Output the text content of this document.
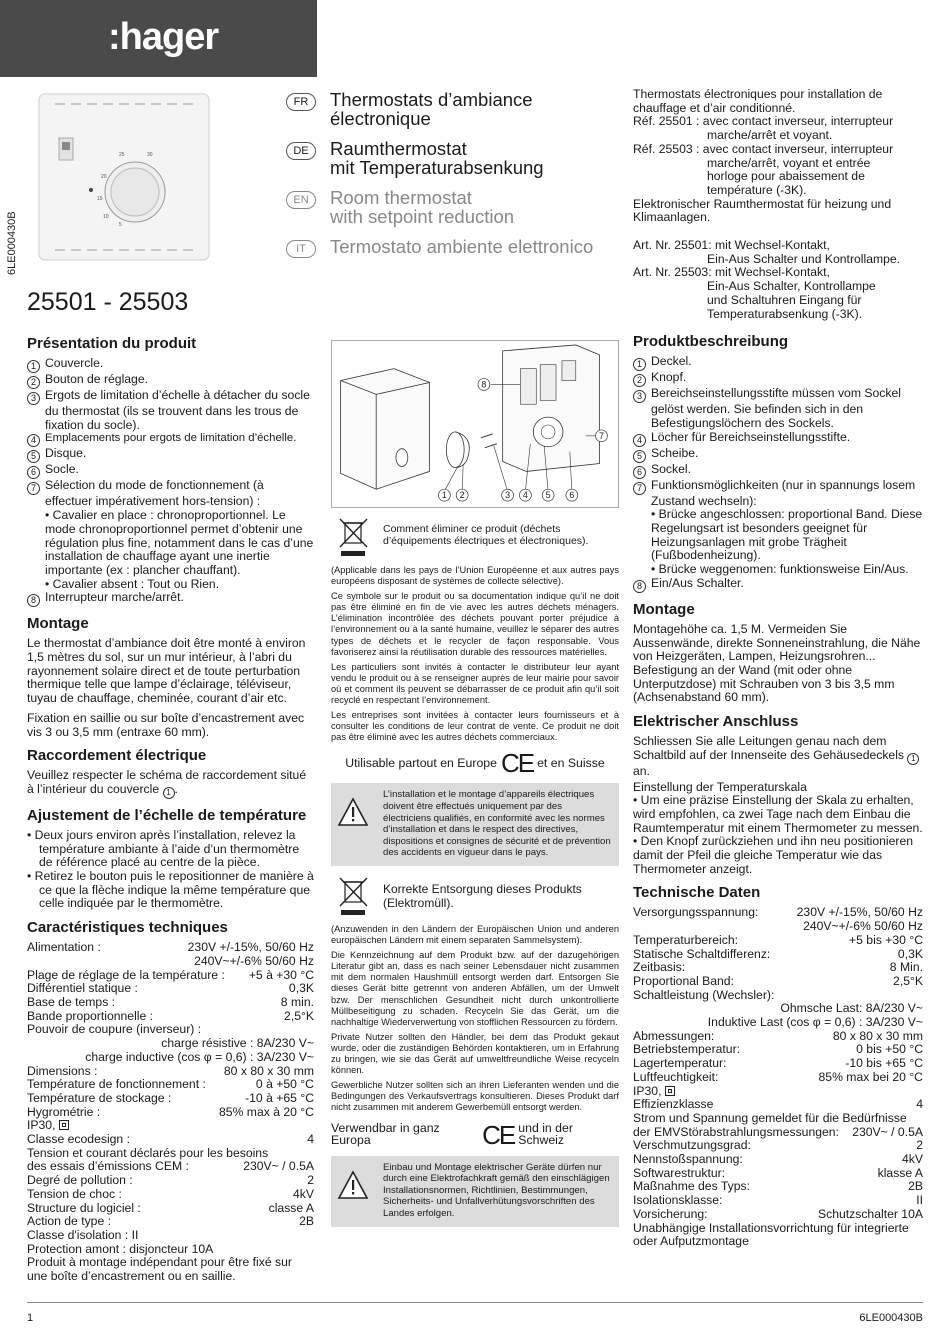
:hager
6LE000430B
20
25	30
15
10
5
25501 - 25503
FR	Thermostats d’ambiance
électronique
DE	Raumthermostat
mit Temperaturabsenkung
EN	Room thermostat
with setpoint reduction
IT	Termostato ambiente elettronico
Présentation du produit
1 Couvercle.
2 Bouton de réglage.
3 Ergots de limitation d’échelle à détacher du socle du thermostat (ils se trouvent dans les trous de fixation du socle).
4 Emplacements pour ergots de limitation d’échelle.
5 Disque.
6 Socle.
7 Sélection du mode de fonctionnement (à effectuer impérativement hors-tension) :
• Cavalier en place : chronoproportionnel. Le mode chronoproportionnel permet d’obtenir une régulation plus fine, notamment dans le cas d’une installation de chauffage ayant une inertie importante (ex : plancher chauffant).
• Cavalier absent : Tout ou Rien.
8 Interrupteur marche/arrêt.
Montage

Le thermostat d’ambiance doit être monté à environ 1,5 mètres du sol, sur un mur intérieur, à l’abri du rayonnement solaire direct et de toute perturbation thermique telle que lampe d’éclairage, téléviseur, tuyau de chauffage, cheminée, courant d’air etc.

Fixation en saillie ou sur boîte d’encastrement avec vis 3 ou 3,5 mm (entraxe 60 mm).

Raccordement électrique

Veuillez respecter le schéma de raccordement situé à l’intérieur du couvercle 1 .

Ajustement de l’échelle de température
• Deux jours environ après l’installation, relevez la température ambiante à l’aide d’un thermomètre de référence placé au centre de la pièce.
• Retirez le bouton puis le repositionner de manière à ce que la flèche indique la même température que celle indiquée par le thermomètre.
Caractéristiques techniques
Alimentation :	230V +/-15%, 50/60 Hz
240V~+/-6% 50/60 Hz
Plage de réglage de la température : +5 à +30 °C
Différentiel statique :	0,3K
Base de temps :	8 min.
Bande proportionnelle :	2,5°K
Pouvoir de coupure (inverseur) :
charge résistive : 8A/230 V~
charge inductive (cos φ = 0,6) : 3A/230 V~
Dimensions :	80 x 80 x 30 mm
Température de fonctionnement :	0 à +50 °C
Température de stockage :	-10 à +65 °C
Hygrométrie :	85% max à 20 °C
IP30,
Classe ecodesign :	4
Tension et courant déclarés pour les besoins
des essais d’émissions CEM :	230V~ / 0.5A
Degré de pollution :	2
Tension de choc :	4kV
Structure du logiciel :	classe A
Action de type :	2B
Classe d'isolation : II
Protection amont : disjoncteur 10A
Produit à montage indépendant pour être fixé sur une boîte d’encastrement ou en saillie.
8
1 2	3 4 5 6
7
Comment éliminer ce produit (déchets d’équipements électriques et électroniques).

(Applicable dans les pays de l’Union Européenne et aux autres pays européens disposant de systèmes de collecte sélective).

Ce symbole sur le produit ou sa documentation indique qu’il ne doit pas être éliminé en fin de vie avec les autres déchets ménagers. L’élimination incontrôlée des déchets pouvant porter préjudice à l’environnement ou à la santé humaine, veuillez le séparer des autres types de déchets et le recycler de façon responsable. Vous favoriserez ainsi la réutilisation durable des ressources matérielles.

Les particuliers sont invités à contacter le distributeur leur ayant vendu le produit ou à se renseigner auprès de leur mairie pour savoir où et comment ils peuvent se débarrasser de ce produit afin qu’il soit recyclé en respectant l’environnement.

Les entreprises sont invitées à contacter leurs fournisseurs et à consulter les conditions de leur contrat de vente. Ce produit ne doit pas être éliminé avec les autres déchets commerciaux.

Utilisable partout en Europe CE et en Suisse
L’installation et le montage d’appareils électriques doivent être effectués uniquement par des électriciens qualifiés, en conformité avec les normes d’installation et dans le respect des directives, dispositions et consignes de sécurité et de prévention des accidents en vigueur dans le pays.
Korrekte Entsorgung dieses Produkts (Elektromüll).

(Anzuwenden in den Ländern der Europäischen Union und anderen europäischen Ländern mit einem separaten Sammelsystem).

Die Kennzeichnung auf dem Produkt bzw. auf der dazugehörigen Literatur gibt an, dass es nach seiner Lebensdauer nicht zusammen mit dem normalen Haushmüll entsorgt werden darf. Entsorgen Sie dieses Gerät bitte getrennt von anderen Abfällen, um der Umwelt bzw. Der menschlichen Gesundheit nicht durch unkontrollierte Müllbeseitigung zu schaden. Recyceln Sie das Gerät, um die nachhaltige Wiederverwertung von stofflichen Ressourcen zu fördern.

Private Nutzer sollten den Händler, bei dem das Produkt gekaut wurde, oder die zuständigen Behörden kontaktieren, um in Erfahrung zu bringen, wie sie das Gerät auf umweltfreundliche Weise recyceln können.

Gewerbliche Nutzer sollten sich an ihren Lieferanten wenden und die Bedingungen des Verkaufsvertrags konsultieren. Dieses Produkt darf nicht zusammen mit anderem Gewerbemüll entsorgt werden.

Verwendbar in ganz Europa	CE und in der Schweiz
Einbau und Montage elektrischer Geräte dürfen nur durch eine Elektrofachkraft gemäß den einschlägigen Installationsnormen, Richtlinien, Bestimmungen, Sicherheits- und Unfallverhütungsvorschriften des Landes erfolgen.
Thermostats électroniques pour installation de chauffage et d’air conditionné.
Réf. 25501 : avec contact inverseur, interrupteur
marche/arrêt et voyant.
Réf. 25503 : avec contact inverseur, interrupteur
marche/arrêt, voyant et entrée
horloge pour abaissement de
température (-3K).
Elektronischer Raumthermostat für heizung und Klimaanlagen.
Art. Nr. 25501: mit Wechsel-Kontakt,
Ein-Aus Schalter und Kontrollampe.
Art. Nr. 25503: mit Wechsel-Kontakt,
Ein-Aus Schalter, Kontrollampe
und Schaltuhren Eingang für
Temperaturabsenkung (-3K).
Produktbeschreibung
1 Deckel.
2 Knopf.
3 Bereichseinstellungsstifte müssen vom Sockel gelöst werden. Sie befinden sich in den Befestigungslöchern des Sockels.
4 Löcher für Bereichseinstellungsstifte.
5 Scheibe.
6 Sockel.
7 Funktionsmöglichkeiten (nur in spannungs losem Zustand wechseln):
• Brücke angeschlossen: proportional Band. Diese Regelungsart ist besonders geeignet für Heizungsanlagen mit grobe Trägheit (Fußbodenheizung).
• Brücke weggenomen: funktionsweise Ein/Aus.
8 Ein/Aus Schalter.
Montage

Montagehöhe ca. 1,5 M. Vermeiden Sie Aussenwände, direkte Sonneneinstrahlung, die Nähe von Heizgeräten, Lampen, Heizungsrohren... Befestigung an der Wand (mit oder ohne Unterputzdose) mit Schrauben von 3 bis 3,5 mm (Achsenabstand 60 mm).

Elektrischer Anschluss

Schliessen Sie alle Leitungen genau nach dem Schaltbild auf der Innenseite des Gehäusedeckels 1 an.

Einstellung der Temperaturskala
• Um eine präzise Einstellung der Skala zu erhalten, wird empfohlen, ca zwei Tage nach dem Einbau die Raumtemperatur mit einem Thermometer zu messen.
• Den Knopf zurückziehen und ihn neu positionieren
damit der Pfeil die gleiche Temperatur wie das Thermometer anzeigt.
Technische Daten
Versorgungsspannung:	230V +/-15%, 50/60 Hz
240V~+/-6% 50/60 Hz
Temperaturbereich:	+5 bis +30 °C
Statische Schaltdifferenz:	0,3K
Zeitbasis:	8 Min.
Proportional Band:	2,5°K
Schaltleistung (Wechsler):
Ohmsche Last: 8A/230 V~
Induktive Last (cos φ = 0,6) : 3A/230 V~
Abmessungen:	80 x 80 x 30 mm
Betriebstemperatur:	0 bis +50 °C
Lagertemperatur:	-10 bis +65 °C
Luftfeuchtigkeit:	85% max bei 20 °C
IP30,
Effizienzklasse	4
Strom und Spannung gemeldet für die Bedürfnisse
der EMVStörabstrahlungsmessungen: 230V~ / 0.5A
Verschmutzungsgrad:	2
Nennstoßspannung:	4kV
Softwarestruktur:	klasse A
Maßnahme des Typs:	2B
Isolationsklasse:	II
Vorsicherung:	Schutzschalter 10A
Unabhängige Installationsvorrichtung für integrierte oder Aufputzmontage
1	6LE000430B
